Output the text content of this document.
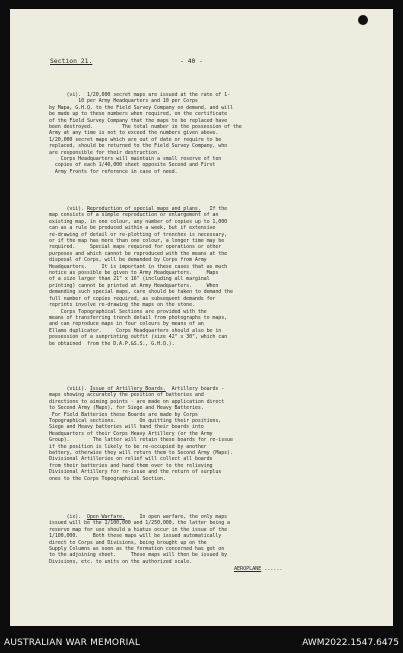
Section 21.	- 40 -

(vi).  1/20,000 secret maps are issued at the rate of 1-
10 per Army Headquarters and 10 per Corps
by Mapa, G.H.Q. to the Field Survey Company on demand, and will
be made up to these numbers when required, on the certificate
of the Field Survey Company that the maps to be replaced have
been destroyed.          The total number in the possession of the
Army at any time is not to exceed the numbers given above.
1/20,000 secret maps which are out of date or require to be
replaced, should be returned to the Field Survey Company, who
are responsible for their destruction.
Corps Headquarters will maintain a small reserve of ten
copies of each 1/40,000 sheet opposite Second and First
Army Fronts for reference in case of need.

(vii). Reproduction of special maps and plans.   If the
map consists of a simple reproduction or enlargement of an
existing map, in one colour, any number of copies up to 1,000
can as a rule be produced within a week, but if extensive
re-drawing of detail or re-plotting of trenches is necessary,
or if the map has more than one colour, a longer time may be
required.     Special maps required for operations or other
purposes and which cannot be reproduced with the means at the
disposal of Corps, will be demanded by Corps from Army
Headquarters.     It is important in these cases that as much
notice as possible be given to Army Headquarters.     Maps
of a size larger than 21" x 16" (including all marginal
printing) cannot be printed at Army Headquarters.     When
demanding such special maps, care should be taken to demand the
full number of copies required, as subsequent demands for
reprints involve re-drawing the maps on the stone.
Corps Topographical Sections are provided with the
means of transferring trench detail from photographs to maps,
and can reproduce maps in four colours by means of an
Ellams duplicator.     Corps Headquarters should also be in
possession of a sunprinting outfit (size 42" x 30", which can
be obtained  from the D.A.P.&S.S., G.H.Q.).

(viii). Issue of Artillery Boards.  Artillery boards -
maps showing accurately the position of batteries and
directions to aiming points - are made on application direct
to Second Army (Maps), for Siege and Heavy Batteries.
For Field Batteries these Boards are made by Corps
Topographical sections.        On quitting their positions,
Siege and Heavy batteries will hand their boards into
Headquarters of their Corps Heavy Artillery (or the Army
Group).        The latter will retain these boards for re-issue
if the position is likely to be re-occupied by another
battery, otherwise they will return them to Second Army (Maps).
Divisional Artilleries on relief will collect all boards
from their batteries and hand them over to the relieving
Divisional Artillery for re-issue and the return of surplus
ones to the Corps Topographical Section.

(ix).  Open Warfare.	In open warfare, the only maps
issued will be the 1/100,000 and 1/250,000, the latter being a
reserve map for use should a hiatus occur in the issue of the
1/100,000.     Both these maps will be issued automatically
direct to Corps and Divisions, being brought up on the
Supply Columns as soon as the formation concerned has got on
to the adjoining sheet.     These maps will then be issued by
Divisions, etc. to units on the authorized scale.

AEROPLANE ......
AUSTRALIAN WAR MEMORIAL	AWM2022.1547.6475
